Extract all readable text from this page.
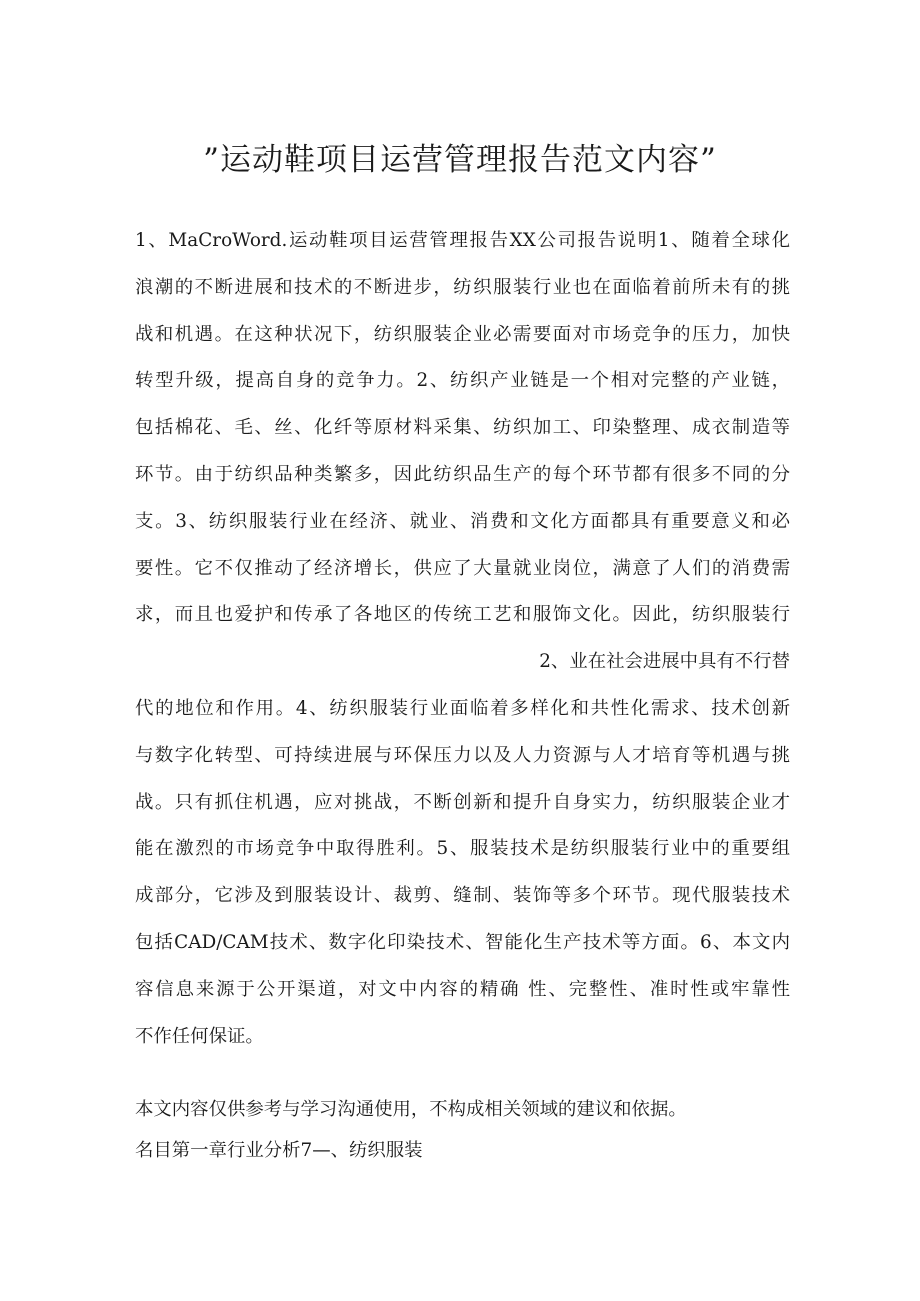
”运动鞋项目运营管理报告范文内容”
1、MaCroWord.运动鞋项目运营管理报告XX公司报告说明1、随着全球化
浪潮的不断进展和技术的不断进步，纺织服装行业也在面临着前所未有的挑
战和机遇。在这种状况下，纺织服装企业必需要面对市场竞争的压力，加快
转型升级，提高自身的竞争力。2、纺织产业链是一个相对完整的产业链，
包括棉花、毛、丝、化纤等原材料采集、纺织加工、印染整理、成衣制造等
环节。由于纺织品种类繁多，因此纺织品生产的每个环节都有很多不同的分
支。3、纺织服装行业在经济、就业、消费和文化方面都具有重要意义和必
要性。它不仅推动了经济增长，供应了大量就业岗位，满意了人们的消费需
求，而且也爱护和传承了各地区的传统工艺和服饰文化。因此，纺织服装行
2、业在社会进展中具有不行替
代的地位和作用。4、纺织服装行业面临着多样化和共性化需求、技术创新
与数字化转型、可持续进展与环保压力以及人力资源与人才培育等机遇与挑
战。只有抓住机遇，应对挑战，不断创新和提升自身实力，纺织服装企业才
能在激烈的市场竞争中取得胜利。5、服装技术是纺织服装行业中的重要组
成部分，它涉及到服装设计、裁剪、缝制、装饰等多个环节。现代服装技术
包括CAD/CAM技术、数字化印染技术、智能化生产技术等方面。6、本文内
容信息来源于公开渠道，对文中内容的精确 性、完整性、准时性或牢靠性
不作任何保证。
本文内容仅供参考与学习沟通使用，不构成相关领域的建议和依据。
名目第一章行业分析7—、纺织服装
